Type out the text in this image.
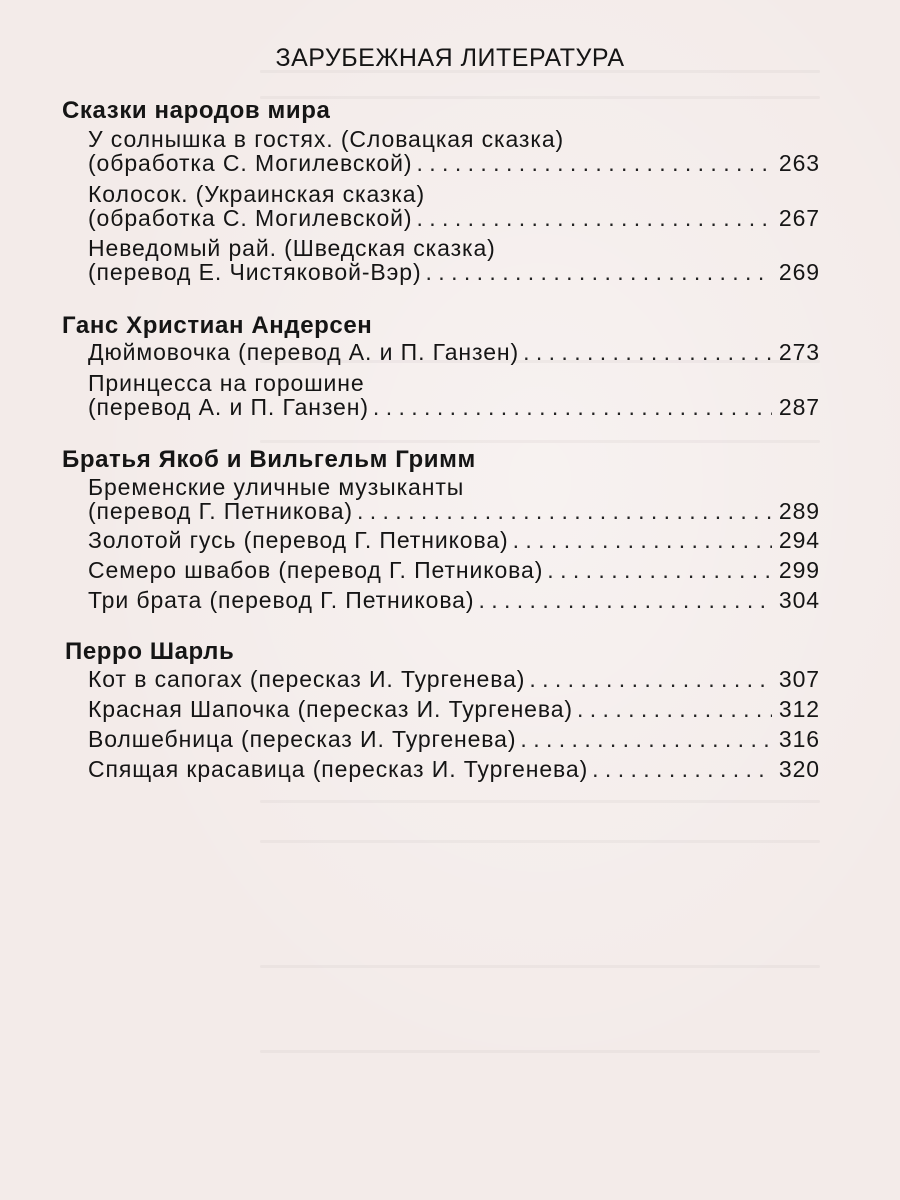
ЗАРУБЕЖНАЯ ЛИТЕРАТУРА
Сказки народов мира
У солнышка в гостях. (Словацкая сказка)
(обработка С. Могилевской) . . .	263
Колосок. (Украинская сказка)
(обработка С. Могилевской) . . .	267
Неведомый рай. (Шведская сказка)
(перевод Е. Чистяковой-Вэр) . . .	269
Ганс Христиан Андерсен
Дюймовочка (перевод А. и П. Ганзен) . . .	273
Принцесса на горошине
(перевод А. и П. Ганзен) . . .	287
Братья Якоб и Вильгельм Гримм
Бременские уличные музыканты
(перевод Г. Петникова) . . .	289
Золотой гусь (перевод Г. Петникова) . . .	294
Семеро швабов (перевод Г. Петникова) . . .	299
Три брата (перевод Г. Петникова) . . .	304
Перро Шарль
Кот в сапогах (пересказ И. Тургенева) . . .	307
Красная Шапочка (пересказ И. Тургенева) . . .	312
Волшебница (пересказ И. Тургенева) . . .	316
Спящая красавица (пересказ И. Тургенева) . . .	320
